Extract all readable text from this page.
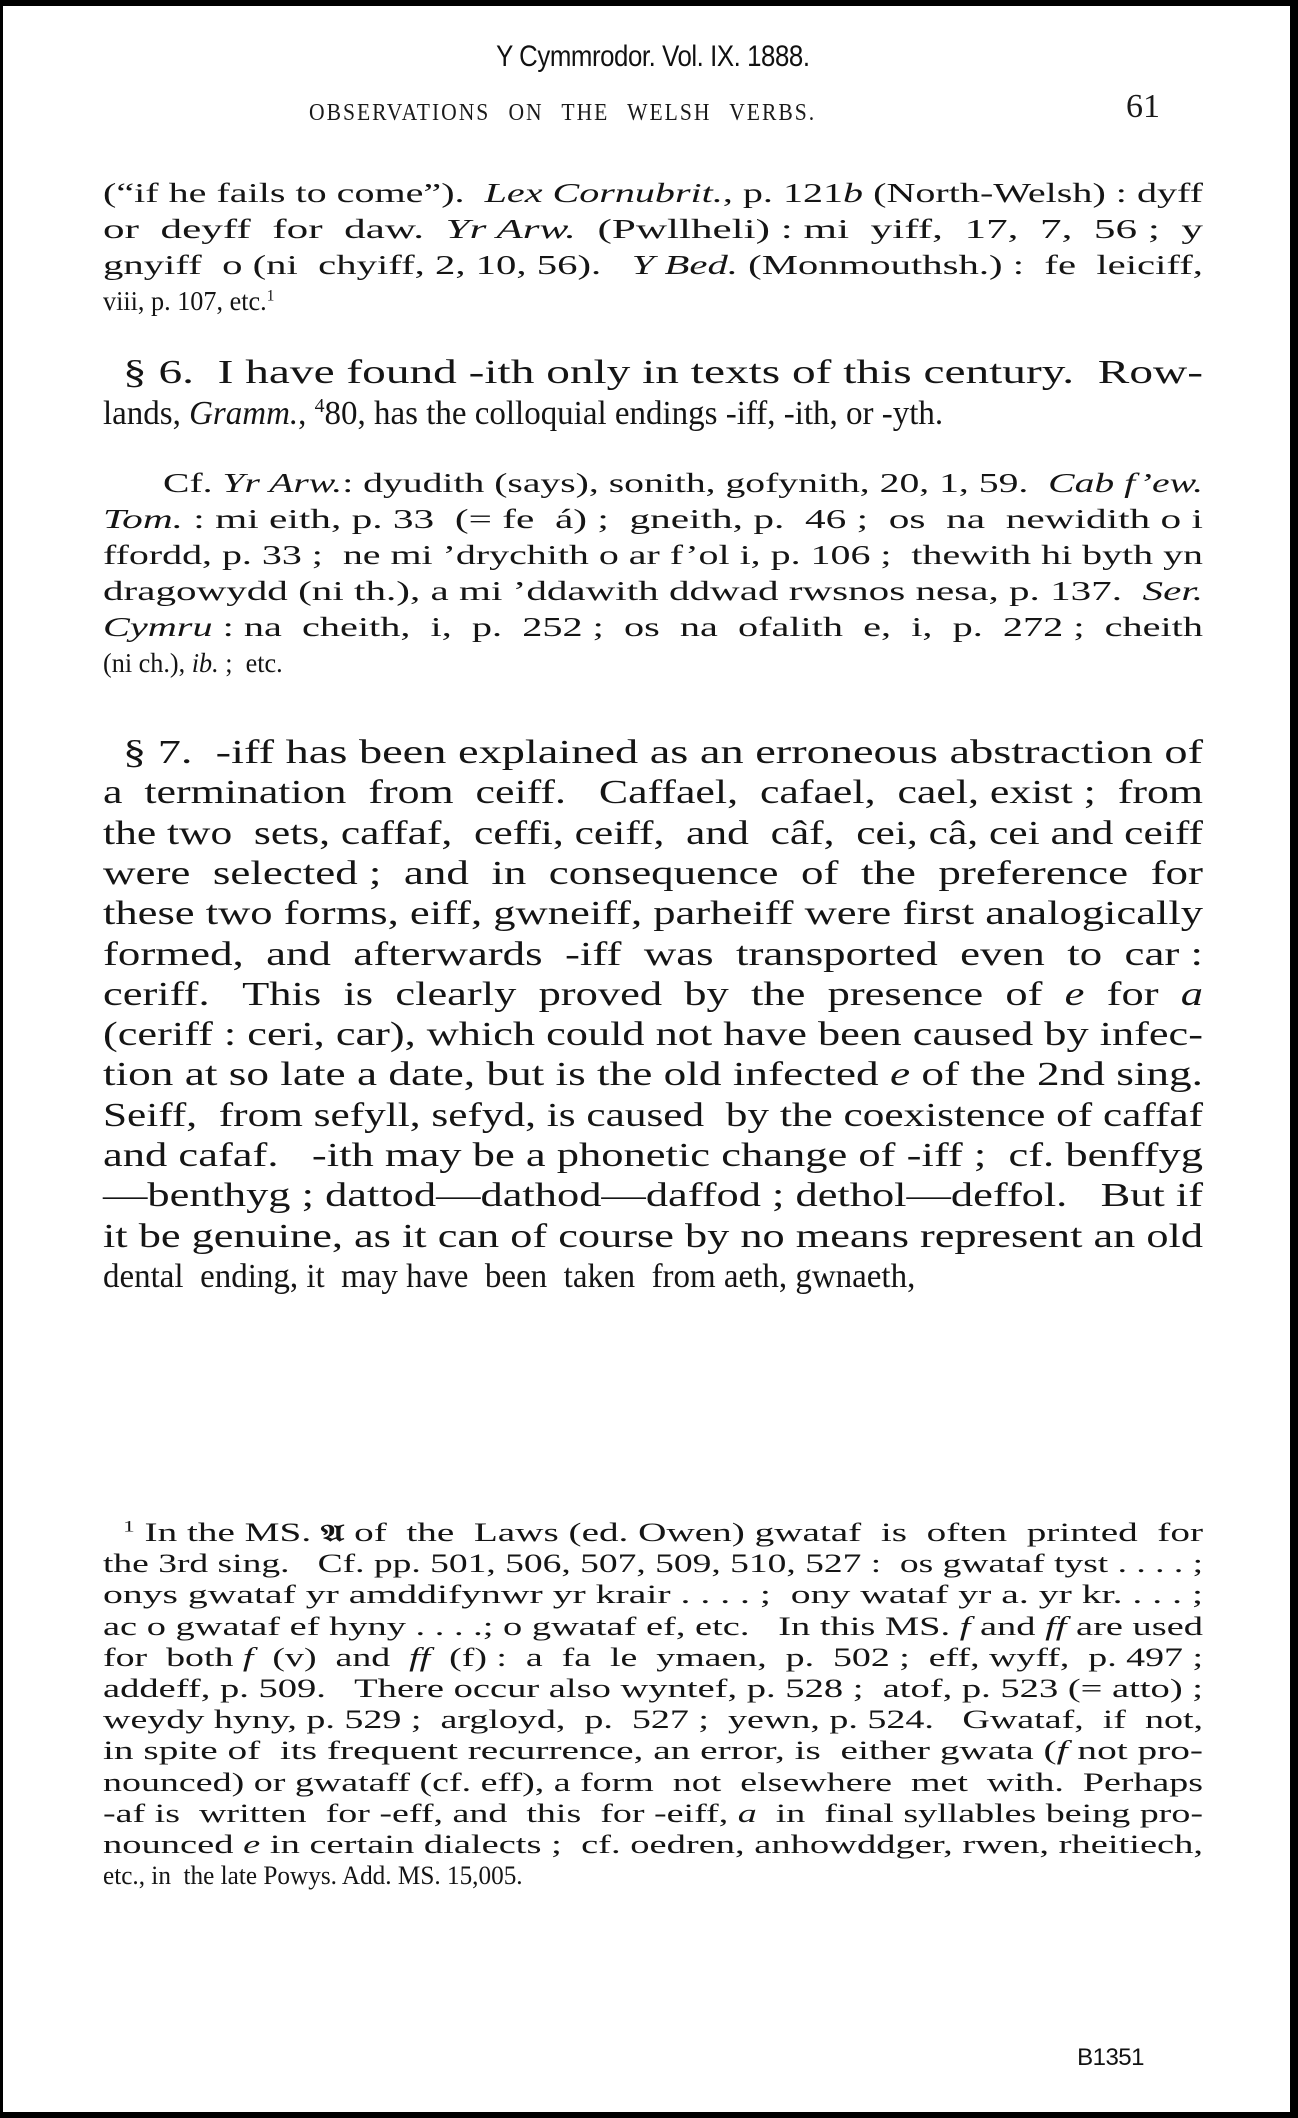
Y Cymmrodor. Vol. IX. 1888.
OBSERVATIONS ON THE WELSH VERBS.	61
(“if he fails to come”).  Lex Cornubrit., p. 121b (North-Welsh) : dyff
or  deyff  for  daw.  Yr Arw.  (Pwllheli) : mi  yiff,  17,  7,  56 ;  y
gnyiff  o (ni  chyiff, 2, 10, 56).   Y Bed. (Monmouthsh.) :  fe  leiciff,
viii, p. 107, etc.$^1$
§ 6.  I have found -ith only in texts of this century.  Row-
lands, Gramm., $^4$80, has the colloquial endings -iff, -ith, or -yth.
Cf. Yr Arw.: dyudith (says), sonith, gofynith, 20, 1, 59.  Cab f’ew.
Tom. : mi eith, p. 33  (= fe  á) ;  gneith, p.  46 ;  os  na  newidith o i
ffordd, p. 33 ;  ne mi ’drychith o ar f’ol i, p. 106 ;  thewith hi byth yn
dragowydd (ni th.), a mi ’ddawith ddwad rwsnos nesa, p. 137.  Ser.
Cymru : na  cheith,  i,  p.  252 ;  os  na  ofalith  e,  i,  p.  272 ;  cheith
(ni ch.), ib. ;  etc.
§ 7.  -iff has been explained as an erroneous abstraction of
a  termination  from  ceiff.   Caffael,  cafael,  cael, exist ;  from
the two  sets, caffaf,  ceffi, ceiff,  and  câf,  cei, câ, cei and ceiff
were  selected ;  and  in  consequence  of  the  preference  for
these two forms, eiff, gwneiff, parheiff were first analogically
formed,  and  afterwards  -iff  was  transported  even  to  car :
ceriff.   This  is  clearly  proved  by  the  presence  of  e  for  a
(ceriff : ceri, car), which could not have been caused by infec-
tion at so late a date, but is the old infected e of the 2nd sing.
Seiff,  from sefyll, sefyd, is caused  by the coexistence of caffaf
and cafaf.   -ith may be a phonetic change of -iff ;  cf. benffyg
—benthyg ; dattod—dathod—daffod ; dethol—deffol.   But if
it be genuine, as it can of course by no means represent an old
dental  ending, it  may have  been  taken  from aeth, gwnaeth,
$^1$ In the MS. 𝔄 of  the  Laws (ed. Owen) gwataf  is  often  printed  for
the 3rd sing.   Cf. pp. 501, 506, 507, 509, 510, 527 :  os gwataf tyst . . . . ;
onys gwataf yr amddifynwr yr krair . . . . ;  ony wataf yr a. yr kr. . . . ;
ac o gwataf ef hyny . . . .; o gwataf ef, etc.   In this MS. f and ff are used
for  both f  (v)  and  ff  (f) :  a  fa  le  ymaen,  p.  502 ;  eff, wyff,  p. 497 ;
addeff, p. 509.   There occur also wyntef, p. 528 ;  atof, p. 523 (= atto) ;
weydy hyny, p. 529 ;  argloyd,  p.  527 ;  yewn, p. 524.   Gwataf,  if  not,
in spite of  its frequent recurrence, an error, is  either gwata (f not pro-
nounced) or gwataff (cf. eff), a form  not  elsewhere  met  with.  Perhaps
-af is  written  for -eff, and  this  for -eiff, a  in  final syllables being pro-
nounced e in certain dialects ;  cf. oedren, anhowddger, rwen, rheitiech,
etc., in  the late Powys. Add. MS. 15,005.
B1351
